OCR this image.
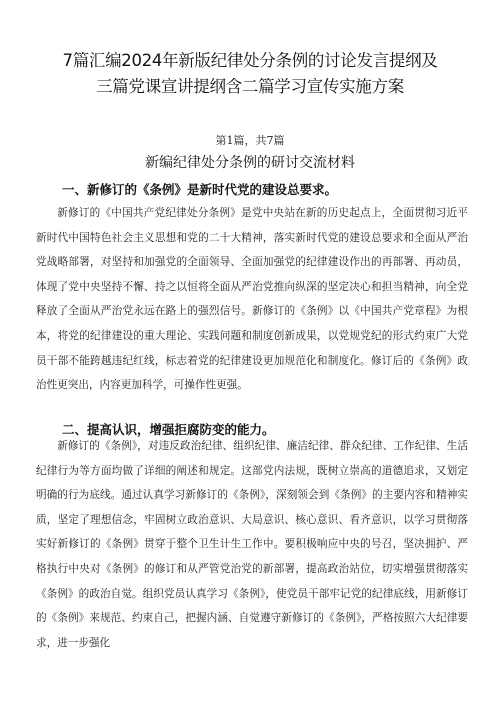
7篇汇编2024年新版纪律处分条例的讨论发言提纲及
三篇党课宣讲提纲含二篇学习宣传实施方案
第1篇，共7篇
新编纪律处分条例的研讨交流材料
一、新修订的《条例》是新时代党的建设总要求。
新修订的《中国共产党纪律处分条例》是党中央站在新的历史起点上，全面贯彻习近平新时代中国特色社会主义思想和党的二十大精神，落实新时代党的建设总要求和全面从严治党战略部署，对坚持和加强党的全面领导、全面加强党的纪律建设作出的再部署、再动员，体现了党中央坚持不懈、持之以恒将全面从严治党推向纵深的坚定决心和担当精神，向全党释放了全面从严治党永远在路上的强烈信号。新修订的《条例》以《中国共产党章程》为根本，将党的纪律建设的重大理论、实践问题和制度创新成果，以党规党纪的形式约束广大党员干部不能跨越违纪红线，标志着党的纪律建设更加规范化和制度化。修订后的《条例》政治性更突出，内容更加科学，可操作性更强。
二、提高认识，增强拒腐防变的能力。
新修订的《条例》，对违反政治纪律、组织纪律、廉洁纪律、群众纪律、工作纪律、生活纪律行为等方面均做了详细的阐述和规定。这部党内法规，既树立崇高的道德追求，又划定明确的行为底线。通过认真学习新修订的《条例》，深刻领会到《条例》的主要内容和精神实质，坚定了理想信念，牢固树立政治意识、大局意识、核心意识、看齐意识，以学习贯彻落实好新修订的《条例》贯穿于整个卫生计生工作中。要积极响应中央的号召，坚决拥护、严格执行中央对《条例》的修订和从严管党治党的新部署，提高政治站位，切实增强贯彻落实《条例》的政治自觉。组织党员认真学习《条例》，使党员干部牢记党的纪律底线，用新修订的《条例》来规范、约束自己，把握内涵、自觉遵守新修订的《条例》，严格按照六大纪律要求，进一步强化
